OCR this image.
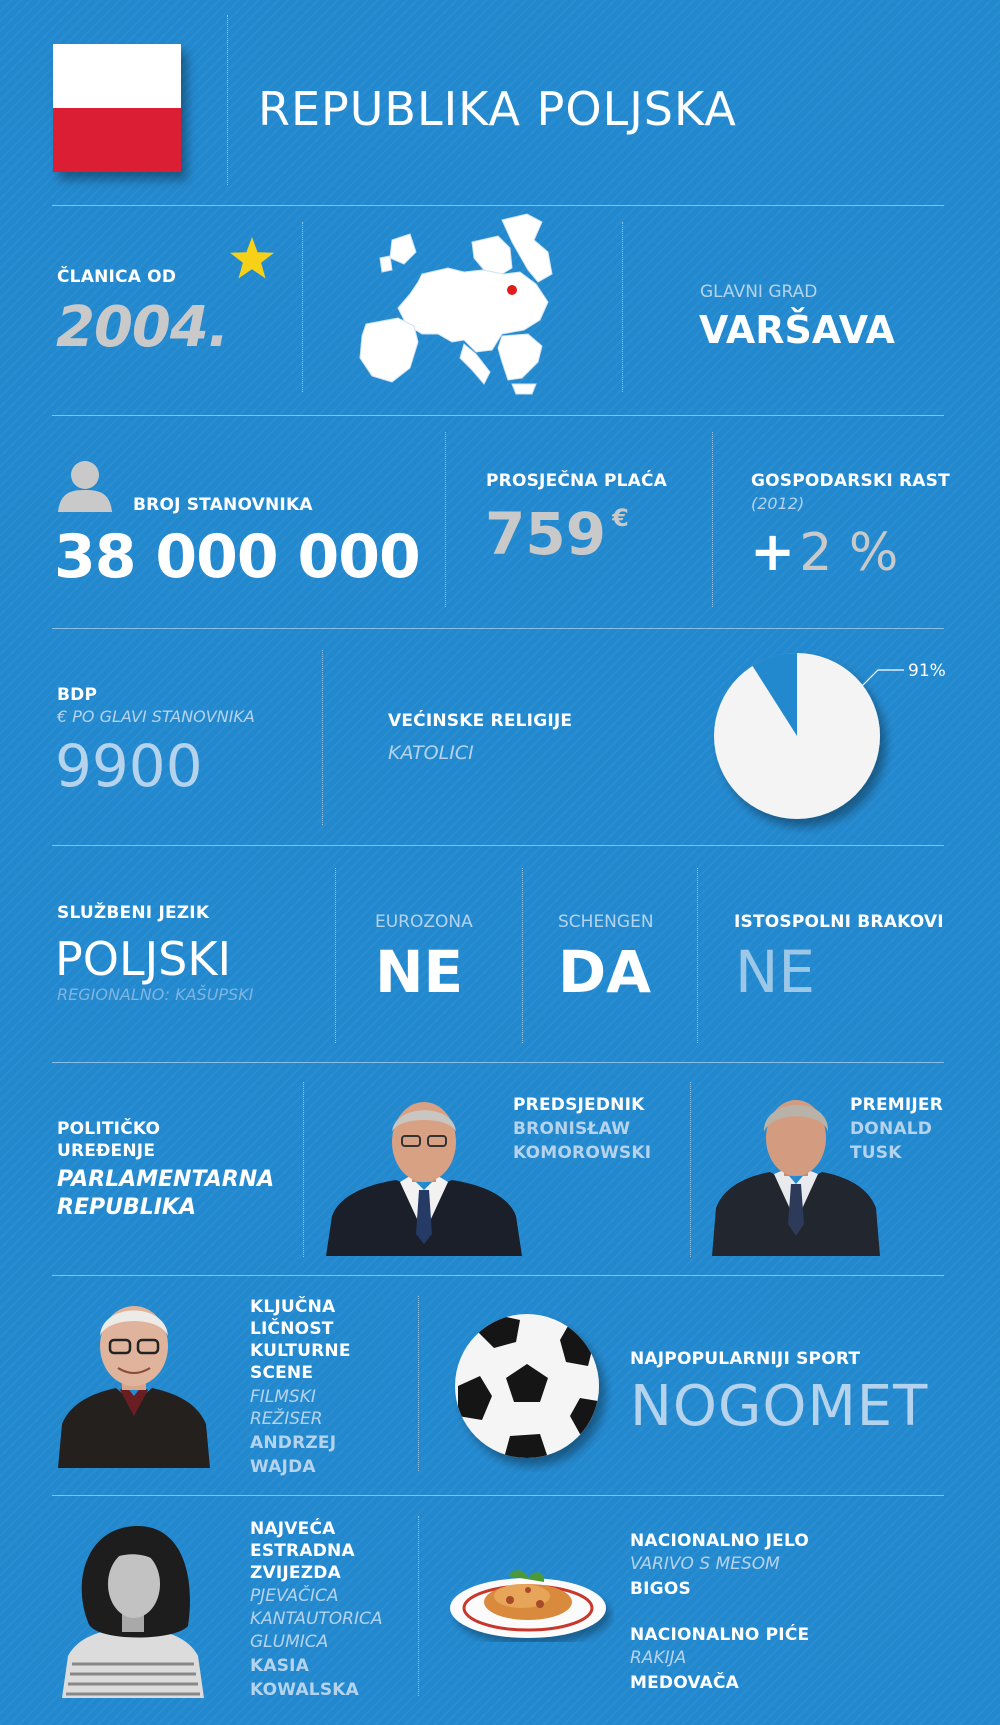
REPUBLIKA POLJSKA
ČLANICA OD
2004.
GLAVNI GRAD
VARŠAVA
BROJ STANOVNIKA
38 000 000
PROSJEČNA PLAĆA
759 €
GOSPODARSKI RAST
(2012)
+2 %
BDP
€ PO GLAVI STANOVNIKA
9900
VEĆINSKE RELIGIJE
KATOLICI
91%
SLUŽBENI JEZIK
POLJSKI
REGIONALNO: KAŠUPSKI
EUROZONA
NE
SCHENGEN
DA
ISTOSPOLNI BRAKOVI
NE
POLITIČKO
UREĐENJE
PARLAMENTARNA
REPUBLIKA
PREDSJEDNIK
BRONISŁAW
KOMOROWSKI
PREMIJER
DONALD
TUSK
KLJUČNA
LIČNOST
KULTURNE
SCENE
FILMSKI
REŽISER
ANDRZEJ
WAJDA
NAJPOPULARNIJI SPORT
NOGOMET
NAJVEĆA
ESTRADNA
ZVIJEZDA
PJEVAČICA
KANTAUTORICA
GLUMICA
KASIA
KOWALSKA
NACIONALNO JELO
VARIVO S MESOM
BIGOS
NACIONALNO PIĆE
RAKIJA
MEDOVAČA
